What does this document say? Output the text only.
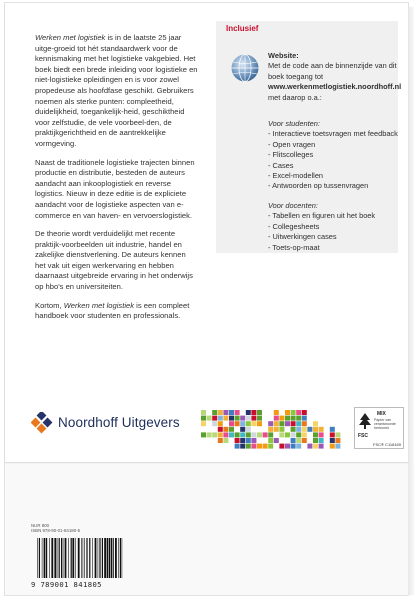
Werken met logistiek is in de laatste 25 jaar uitge-groeid tot hét standaardwerk voor de kennismaking met het logistieke vakgebied. Het boek biedt een brede inleiding voor logistieke en niet-logistieke opleidingen en is voor zowel propedeuse als hoofdfase geschikt. Gebruikers noemen als sterke punten: compleetheid, duidelijkheid, toegankelijk-heid, geschiktheid voor zelfstudie, de vele voorbeel-den, de praktijkgerichtheid en de aantrekkelijke vormgeving.

Naast de traditionele logistieke trajecten binnen productie en distributie, besteden de auteurs aandacht aan inkooplogistiek en reverse logistics. Nieuw in deze editie is de expliciete aandacht voor de logistieke aspecten van e-commerce en van haven- en vervoerslogistiek.

De theorie wordt verduidelijkt met recente praktijk-voorbeelden uit industrie, handel en zakelijke dienstverlening. De auteurs kennen het vak uit eigen werkervaring en hebben daarnaast uitgebreide ervaring in het onderwijs op hbo's en universiteiten.

Kortom, Werken met logistiek is een compleet handboek voor studenten en professionals.

Inclusief
Website:
Met de code aan de binnenzijde van dit boek toegang tot
www.werkenmetlogistiek.noordhoff.nl
met daarop o.a.:
Voor studenten:
- Interactieve toetsvragen met feedback
- Open vragen
- Flitscolleges
- Cases
- Excel-modellen
- Antwoorden op tussenvragen
Voor docenten:
- Tabellen en figuren uit het boek
- Collegesheets
- Uitwerkingen cases
- Toets-op-maat
Noordhoff Uitgevers
MIX
Papier van verantwoorde herkomst
FSC
FSC® C118169
NUR 800
ISBN 978-90-01-84180-5
9 789001 841805
